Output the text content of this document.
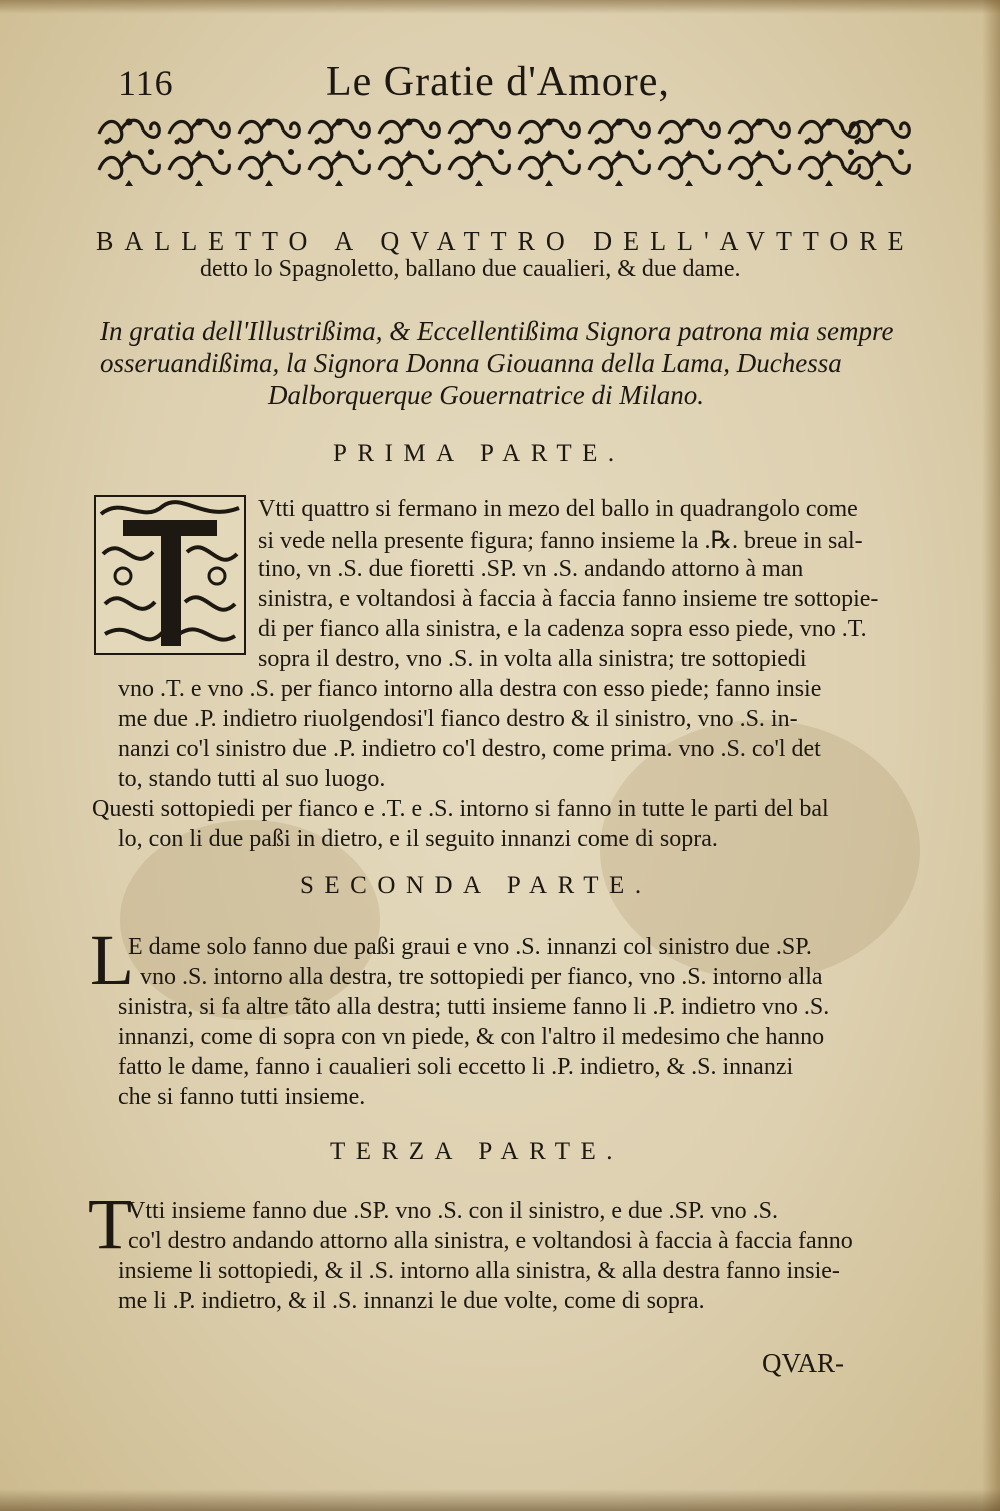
116	Le Gratie d'Amore,
BALLETTO A QVATTRO DELL'AVTTORE
detto lo Spagnoletto, ballano due caualieri, & due dame.
In gratia dell'Illustrißima, & Eccellentißima Signora patrona mia sempre
osseruandißima, la Signora Donna Giouanna della Lama, Duchessa
Dalborquerque Gouernatrice di Milano.
PRIMA PARTE.
Vtti quattro si fermano in mezo del ballo in quadrangolo come
si vede nella presente figura; fanno insieme la .℞. breue in sal-
tino, vn .S. due fioretti .SP. vn .S. andando attorno à man
sinistra, e voltandosi à faccia à faccia fanno insieme tre sottopie-
di per fianco alla sinistra, e la cadenza sopra esso piede, vno .T.
sopra il destro, vno .S. in volta alla sinistra; tre sottopiedi
vno .T. e vno .S. per fianco intorno alla destra con esso piede; fanno insie
me due .P. indietro riuolgendosi'l fianco destro & il sinistro, vno .S. in-
nanzi co'l sinistro due .P. indietro co'l destro, come prima. vno .S. co'l det
to, stando tutti al suo luogo.
Questi sottopiedi per fianco e .T. e .S. intorno si fanno in tutte le parti del bal
lo, con li due paßi in dietro, e il seguito innanzi come di sopra.
SECONDA PARTE.
L
E dame solo fanno due paßi graui e vno .S. innanzi col sinistro due .SP.
vno .S. intorno alla destra, tre sottopiedi per fianco, vno .S. intorno alla
sinistra, si fa altre tãto alla destra; tutti insieme fanno li .P. indietro vno .S.
innanzi, come di sopra con vn piede, & con l'altro il medesimo che hanno
fatto le dame, fanno i caualieri soli eccetto li .P. indietro, & .S. innanzi
che si fanno tutti insieme.
TERZA PARTE.
T
Vtti insieme fanno due .SP. vno .S. con il sinistro, e due .SP. vno .S.
co'l destro andando attorno alla sinistra, e voltandosi à faccia à faccia fanno
insieme li sottopiedi, & il .S. intorno alla sinistra, & alla destra fanno insie-
me li .P. indietro, & il .S. innanzi le due volte, come di sopra.
QVAR-
